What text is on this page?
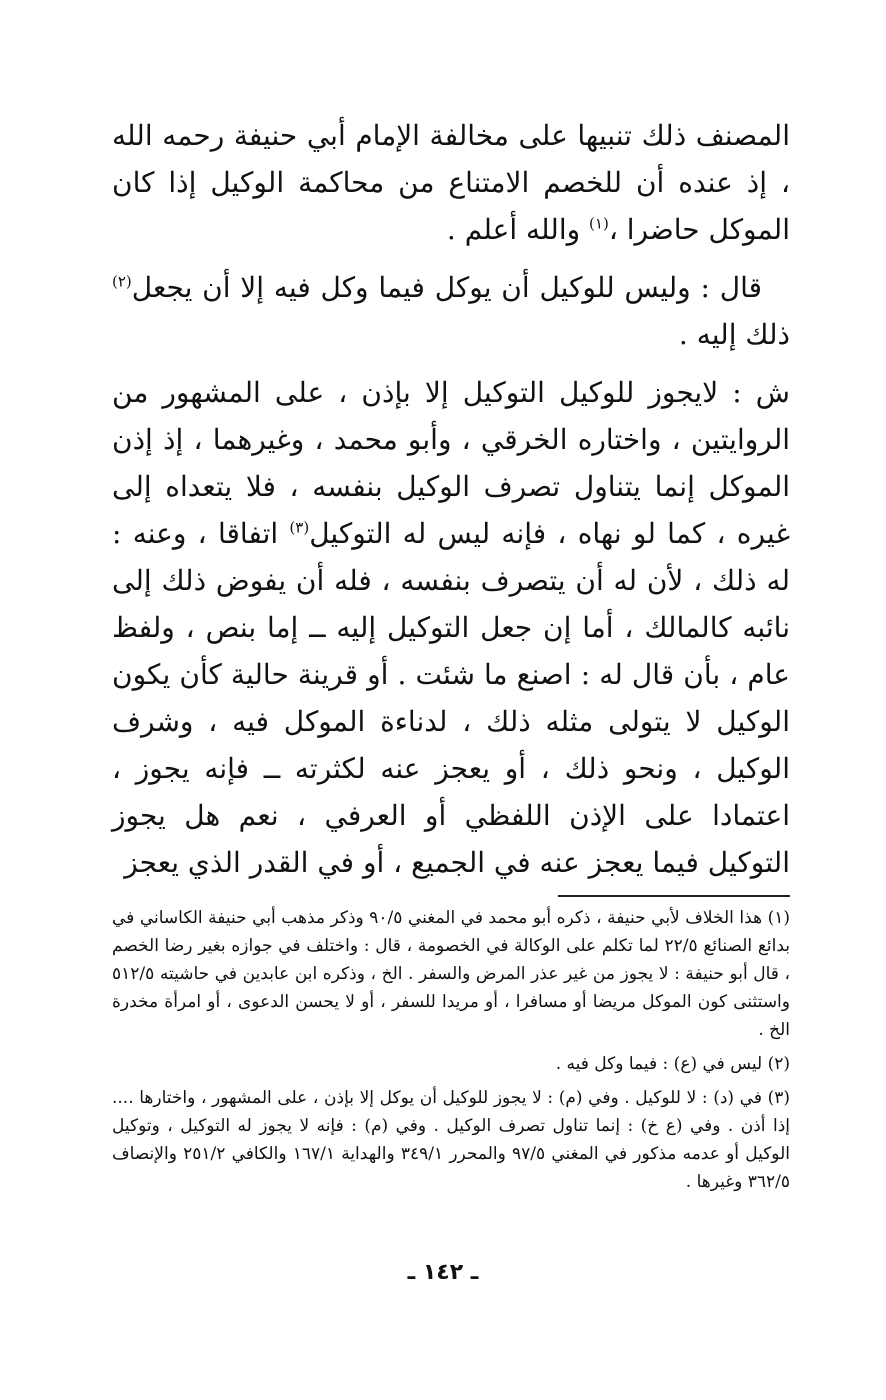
المصنف ذلك تنبيها على مخالفة الإمام أبي حنيفة رحمه الله ، إذ عنده أن للخصم الامتناع من محاكمة الوكيل إذا كان الموكل حاضرا ،$^{(١)}$ والله أعلم .

قال : وليس للوكيل أن يوكل فيما وكل فيه إلا أن يجعل$^{(٢)}$ ذلك إليه .

ش : لايجوز للوكيل التوكيل إلا بإذن ، على المشهور من الروايتين ، واختاره الخرقي ، وأبو محمد ، وغيرهما ، إذ إذن الموكل إنما يتناول تصرف الوكيل بنفسه ، فلا يتعداه إلى غيره ، كما لو نهاه ، فإنه ليس له التوكيل$^{(٣)}$ اتفاقا ، وعنه : له ذلك ، لأن له أن يتصرف بنفسه ، فله أن يفوض ذلك إلى نائبه كالمالك ، أما إن جعل التوكيل إليه ــ إما بنص ، ولفظ عام ، بأن قال له : اصنع ما شئت . أو قرينة حالية كأن يكون الوكيل لا يتولى مثله ذلك ، لدناءة الموكل فيه ، وشرف الوكيل ، ونحو ذلك ، أو يعجز عنه لكثرته ــ فإنه يجوز ، اعتمادا على الإذن اللفظي أو العرفي ، نعم هل يجوز التوكيل فيما يعجز عنه في الجميع ، أو في القدر الذي يعجز

(١) هذا الخلاف لأبي حنيفة ، ذكره أبو محمد في المغني ٩٠/٥ وذكر مذهب أبي حنيفة الكاساني في بدائع الصنائع ٢٢/٥ لما تكلم على الوكالة في الخصومة ، قال : واختلف في جوازه بغير رضا الخصم ، قال أبو حنيفة : لا يجوز من غير عذر المرض والسفر . الخ ، وذكره ابن عابدين في حاشيته ٥١٢/٥ واستثنى كون الموكل مريضا أو مسافرا ، أو مريدا للسفر ، أو لا يحسن الدعوى ، أو امرأة مخدرة الخ .

(٢) ليس في (ع) : فيما وكل فيه .

(٣) في (د) : لا للوكيل . وفي (م) : لا يجوز للوكيل أن يوكل إلا بإذن ، على المشهور ، واختارها .... إذا أذن . وفي (ع خ) : إنما تناول تصرف الوكيل . وفي (م) : فإنه لا يجوز له التوكيل ، وتوكيل الوكيل أو عدمه مذكور في المغني ٩٧/٥ والمحرر ٣٤٩/١ والهداية ١٦٧/١ والكافي ٢٥١/٢ والإنصاف ٣٦٢/٥ وغيرها .

ـ ١٤٢ ـ
